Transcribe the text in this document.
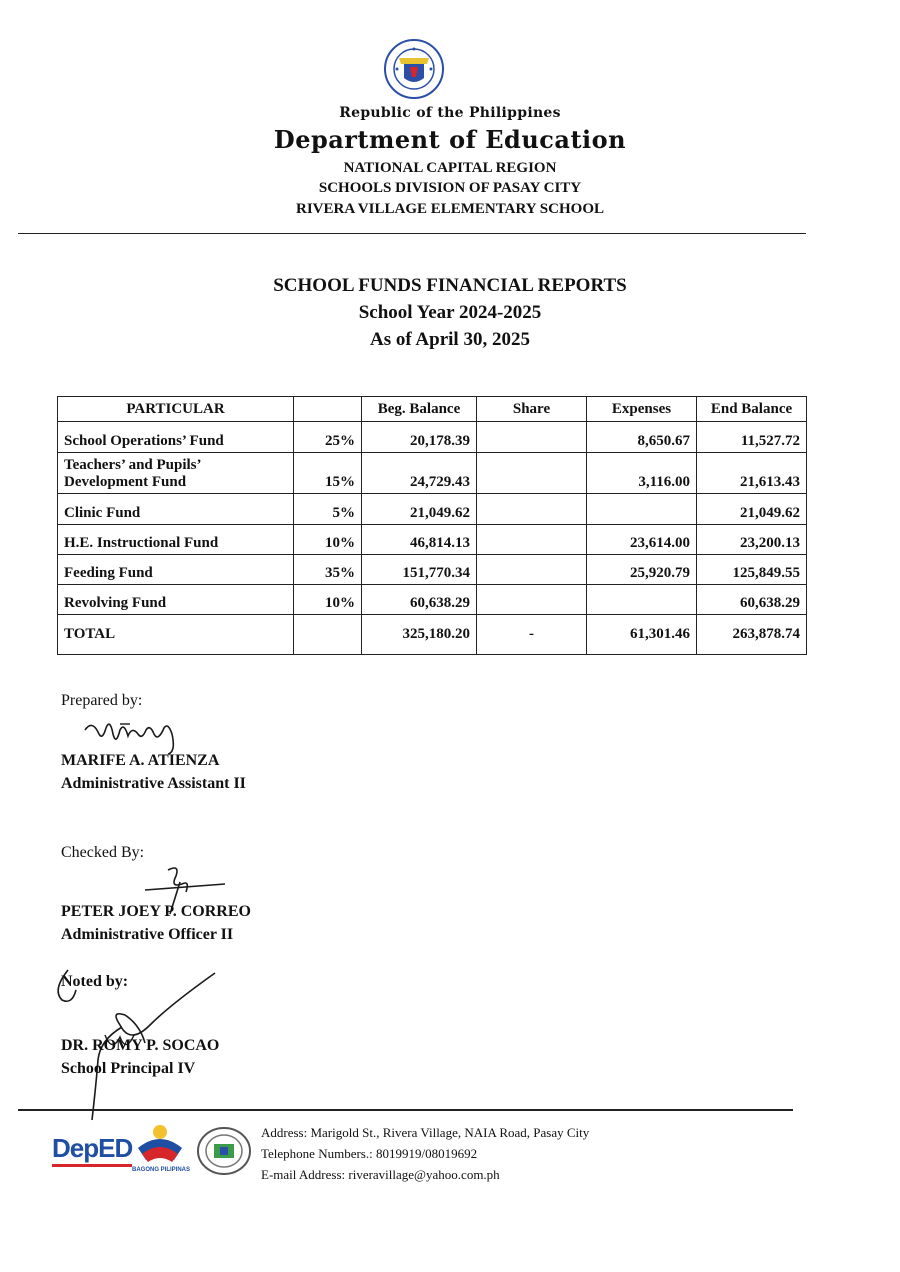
Republic of the Philippines
Department of Education
NATIONAL CAPITAL REGION
SCHOOLS DIVISION OF PASAY CITY
RIVERA VILLAGE ELEMENTARY SCHOOL
SCHOOL FUNDS FINANCIAL REPORTS
School Year 2024-2025
As of April 30, 2025
PARTICULAR		Beg. Balance	Share	Expenses	End Balance
School Operations’ Fund	25%	20,178.39		8,650.67	11,527.72

Teachers’ and Pupils’
Development Fund	15%	24,729.43		3,116.00	21,613.43
Clinic Fund	5%	21,049.62			21,049.62
H.E. Instructional Fund	10%	46,814.13		23,614.00	23,200.13
Feeding Fund	35%	151,770.34		25,920.79	125,849.55
Revolving Fund	10%	60,638.29			60,638.29
TOTAL		325,180.20	-	61,301.46	263,878.74
Prepared by:
MARIFE A. ATIENZA
Administrative Assistant II
Checked By:
PETER JOEY P. CORREO
Administrative Officer II
Noted by:
DR. ROMY P. SOCAO
School Principal IV
DepED
BAGONG PILIPINAS
Address: Marigold St., Rivera Village, NAIA Road, Pasay City
Telephone Numbers.: 8019919/08019692
E-mail Address: riveravillage@yahoo.com.ph
